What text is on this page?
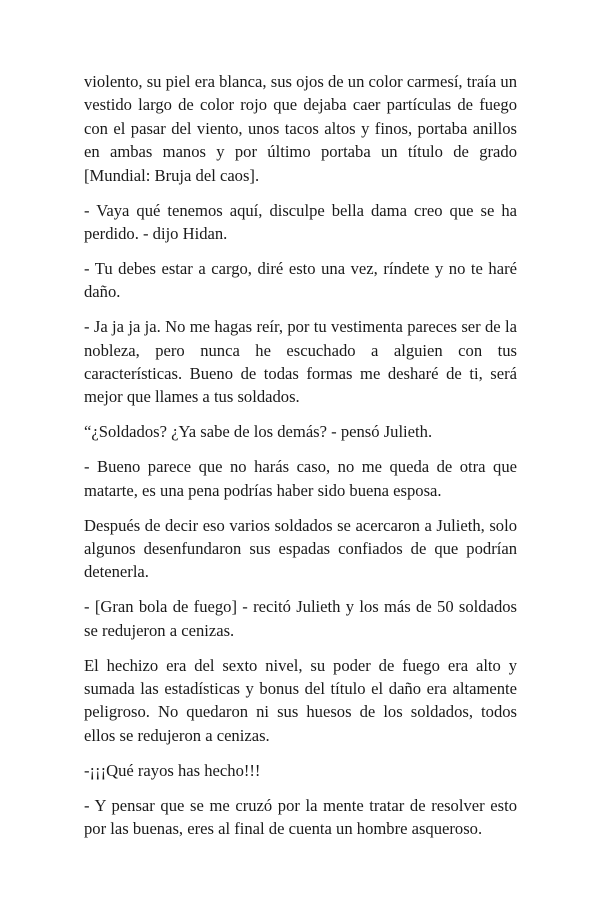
violento, su piel era blanca, sus ojos de un color carmesí, traía un vestido largo de color rojo que dejaba caer partículas de fuego con el pasar del viento, unos tacos altos y finos, portaba anillos en ambas manos y por último portaba un título de grado [Mundial: Bruja del caos].

- Vaya qué tenemos aquí, disculpe bella dama creo que se ha perdido. - dijo Hidan.

- Tu debes estar a cargo, diré esto una vez, ríndete y no te haré daño.

- Ja ja ja ja. No me hagas reír, por tu vestimenta pareces ser de la nobleza, pero nunca he escuchado a alguien con tus características. Bueno de todas formas me desharé de ti, será mejor que llames a tus soldados.

“¿Soldados? ¿Ya sabe de los demás? - pensó Julieth.

- Bueno parece que no harás caso, no me queda de otra que matarte, es una pena podrías haber sido buena esposa.

Después de decir eso varios soldados se acercaron a Julieth, solo algunos desenfundaron sus espadas confiados de que podrían detenerla.

- [Gran bola de fuego] - recitó Julieth y los más de 50 soldados se redujeron a cenizas.

El hechizo era del sexto nivel, su poder de fuego era alto y sumada las estadísticas y bonus del título el daño era altamente peligroso. No quedaron ni sus huesos de los soldados, todos ellos se redujeron a cenizas.

-¡¡¡Qué rayos has hecho!!!

- Y pensar que se me cruzó por la mente tratar de resolver esto por las buenas, eres al final de cuenta un hombre asqueroso.
